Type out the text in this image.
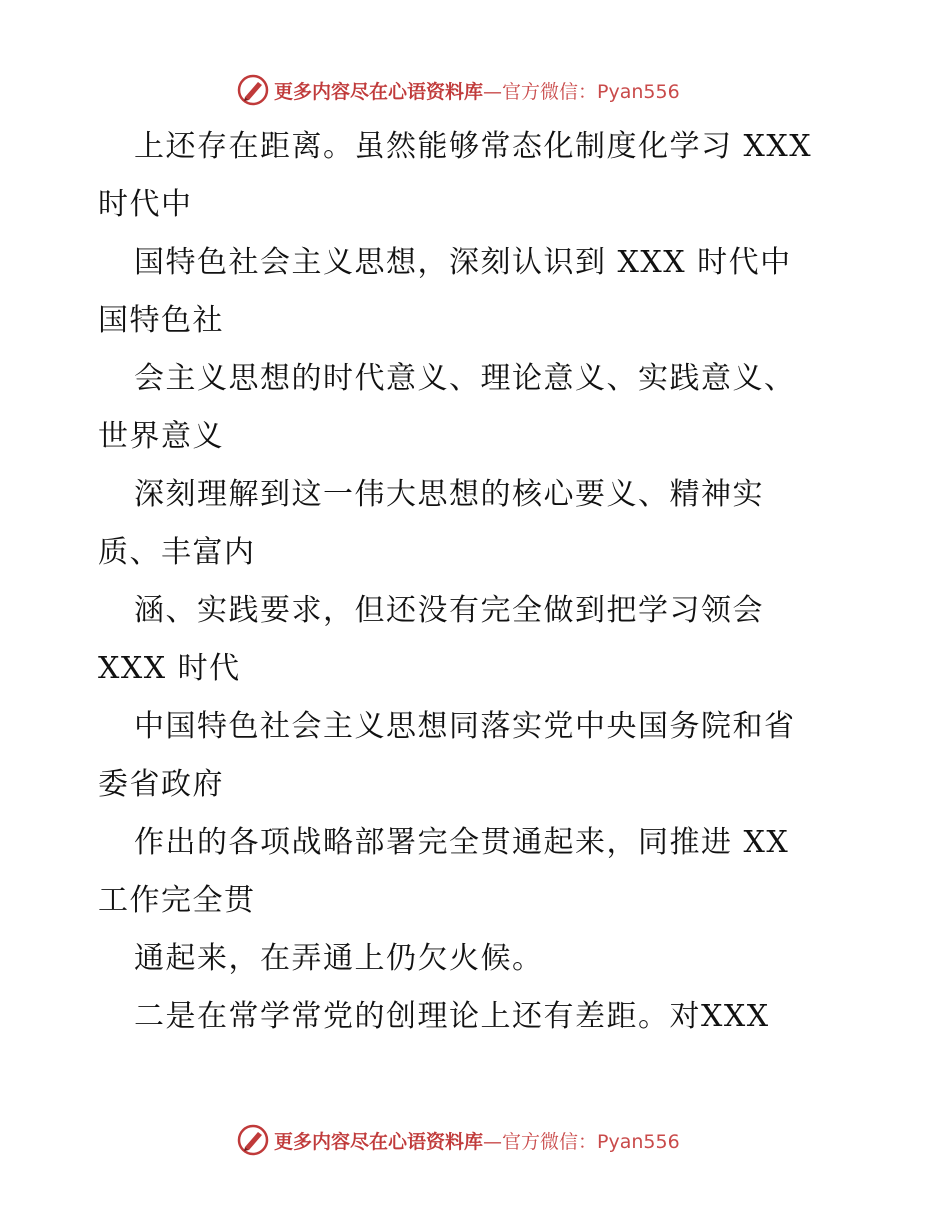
更多内容尽在心语资料库 —官方微信：Pyan556
上还存在距离。虽然能够常态化制度化学习 XXX
时代中
国特色社会主义思想，深刻认识到 XXX 时代中
国特色社
会主义思想的时代意义、理论意义、实践意义、
世界意义
深刻理解到这一伟大思想的核心要义、精神实
质、丰富内
涵、实践要求，但还没有完全做到把学习领会
XXX 时代
中国特色社会主义思想同落实党中央国务院和省
委省政府
作出的各项战略部署完全贯通起来，同推进 XX
工作完全贯
通起来，在弄通上仍欠火候。
二是在常学常党的创理论上还有差距。对XXX
更多内容尽在心语资料库 —官方微信：Pyan556
